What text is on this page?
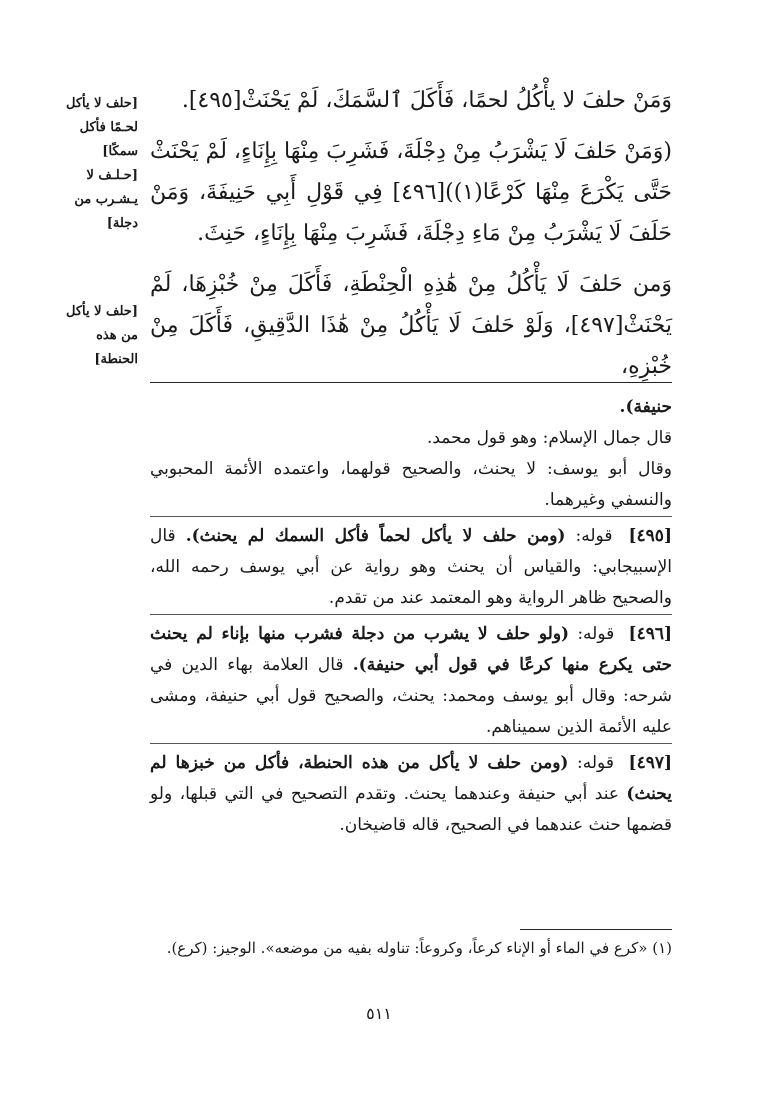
وَمَنْ حلفَ لا يأْكُلُ لحمًا، فَأَكَلَ ٱلسَّمَكَ، لَمْ يَحْنَثْ[٤٩٥].

(وَمَنْ حَلفَ لَا يَشْرَبُ مِنْ دِجْلَةَ، فَشَرِبَ مِنْهَا بِإِنَاءٍ، لَمْ يَحْنَثْ حَتَّى يَكْرَعَ مِنْهَا كَرْعًا(١))[٤٩٦] فِي قَوْلِ أَبِي حَنِيفَةَ، وَمَنْ حَلَفَ لَا يَشْرَبُ مِنْ مَاءِ دِجْلَةَ، فَشَرِبَ مِنْهَا بِإِنَاءٍ، حَنِثَ.

وَمن حَلفَ لَا يَأْكُلُ مِنْ هَٰذِهِ الْحِنْطَةِ، فَأَكَلَ مِنْ خُبْزِهَا، لَمْ يَحْنَثْ[٤٩٧]، وَلَوْ حَلفَ لَا يَأْكُلُ مِنْ هَٰذَا الدَّقِيقِ، فَأَكَلَ مِنْ خُبْزِهِ،

[حلف لا يأكل لحـمًا فأكل سمكًا]
[حـلـف لا يـشـرب من دجلة]
[حلف لا يأكل من هذه الحنطة]

حنيفة).

قال جمال الإسلام: وهو قول محمد.

وقال أبو يوسف: لا يحنث، والصحيح قولهما، واعتمده الأئمة المحبوبي والنسفي وغيرهما.

[٤٩٥] قوله: (ومن حلف لا يأكل لحماً فأكل السمك لم يحنث). قال الإسبيجابي: والقياس أن يحنث وهو رواية عن أبي يوسف رحمه الله، والصحيح ظاهر الرواية وهو المعتمد عند من تقدم.

[٤٩٦] قوله: (ولو حلف لا يشرب من دجلة فشرب منها بإناء لم يحنث حتى يكرع منها كرعًا في قول أبي حنيفة). قال العلامة بهاء الدين في شرحه: وقال أبو يوسف ومحمد: يحنث، والصحيح قول أبي حنيفة، ومشى عليه الأئمة الذين سميناهم.

[٤٩٧] قوله: (ومن حلف لا يأكل من هذه الحنطة، فأكل من خبزها لم يحنث) عند أبي حنيفة وعندهما يحنث. وتقدم التصحيح في التي قبلها، ولو قضمها حنث عندهما في الصحيح، قاله قاضيخان.

(١) «كرع في الماء أو الإناء كرعاً، وكروعاً: تناوله بفيه من موضعه». الوجيز: (كرع).

٥١١
